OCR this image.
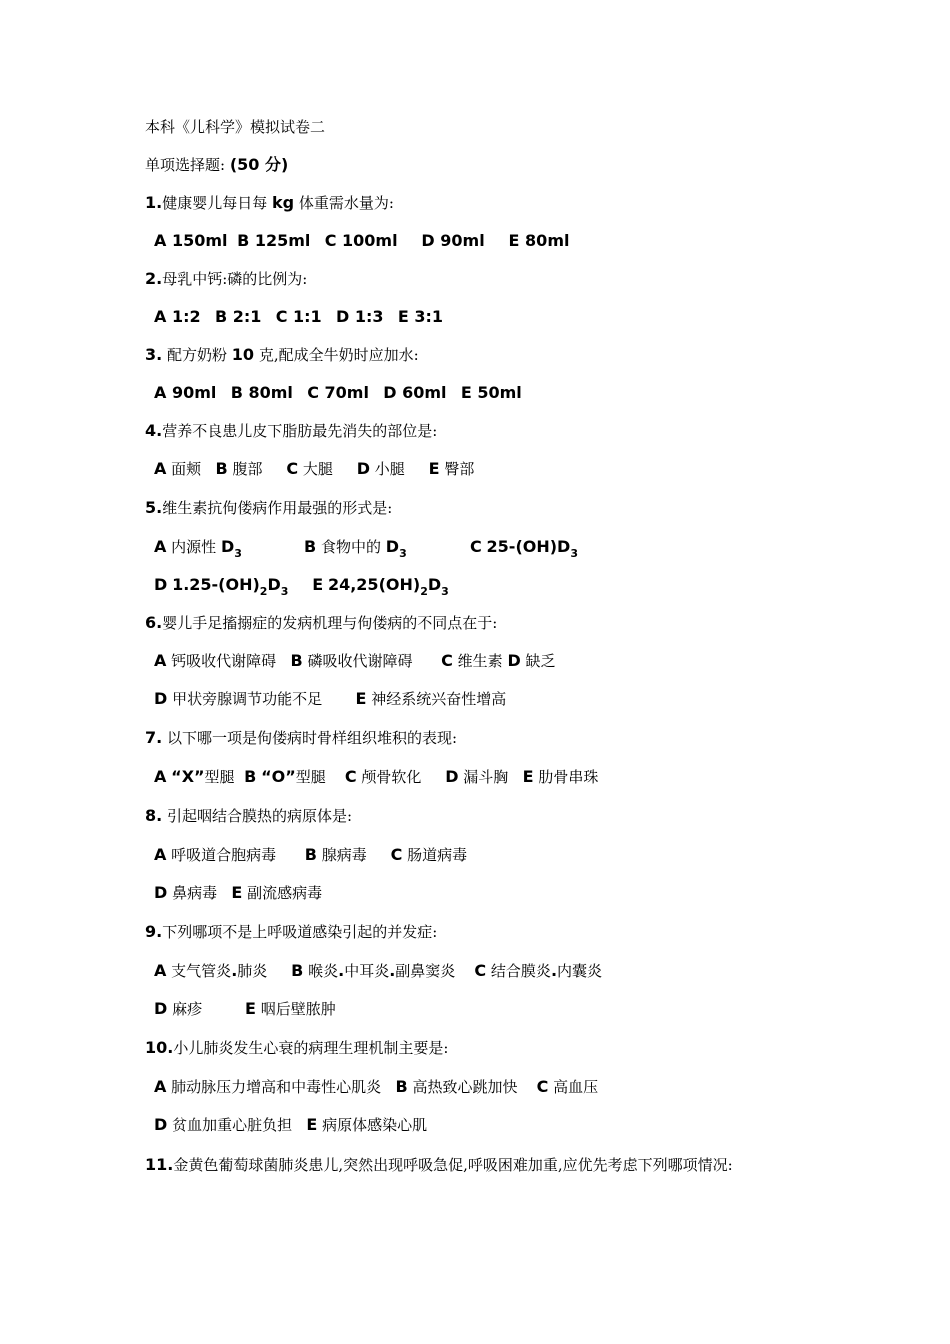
本科《儿科学》模拟试卷二
单项选择题: (50 分)
1.健康婴儿每日每 kg 体重需水量为:
A 150ml B 125ml C 100ml D 90ml E 80ml
2.母乳中钙:磷的比例为:
A 1:2 B 2:1 C 1:1 D 1:3 E 3:1
3. 配方奶粉 10 克,配成全牛奶时应加水:
A 90ml B 80ml C 70ml D 60ml E 50ml
4.营养不良患儿皮下脂肪最先消失的部位是:
A 面颊 B 腹部 C 大腿 D 小腿 E 臀部
5.维生素抗佝偻病作用最强的形式是:
A 内源性 $D_3$	B 食物中的 $D_3$	C $25-(OH)D_3$
D $1.25-(OH)_2D_3$ E $24,25(OH)_2D_3$
6.婴儿手足搐搦症的发病机理与佝偻病的不同点在于:
A 钙吸收代谢障碍 B 磷吸收代谢障碍 C 维生素 D 缺乏
D 甲状旁腺调节功能不足 E 神经系统兴奋性增高
7. 以下哪一项是佝偻病时骨样组织堆积的表现:
A “X”型腿 B “O”型腿 C 颅骨软化 D 漏斗胸 E 肋骨串珠
8. 引起咽结合膜热的病原体是:
A 呼吸道合胞病毒 B 腺病毒 C 肠道病毒
D 鼻病毒 E 副流感病毒
9.下列哪项不是上呼吸道感染引起的并发症:
A 支气管炎.肺炎 B 喉炎.中耳炎.副鼻窦炎 C 结合膜炎.内囊炎
D 麻疹	E 咽后壁脓肿
10.小儿肺炎发生心衰的病理生理机制主要是:
A 肺动脉压力增高和中毒性心肌炎 B 高热致心跳加快 C 高血压
D 贫血加重心脏负担 E 病原体感染心肌
11.金黄色葡萄球菌肺炎患儿,突然出现呼吸急促,呼吸困难加重,应优先考虑下列哪项情况:
